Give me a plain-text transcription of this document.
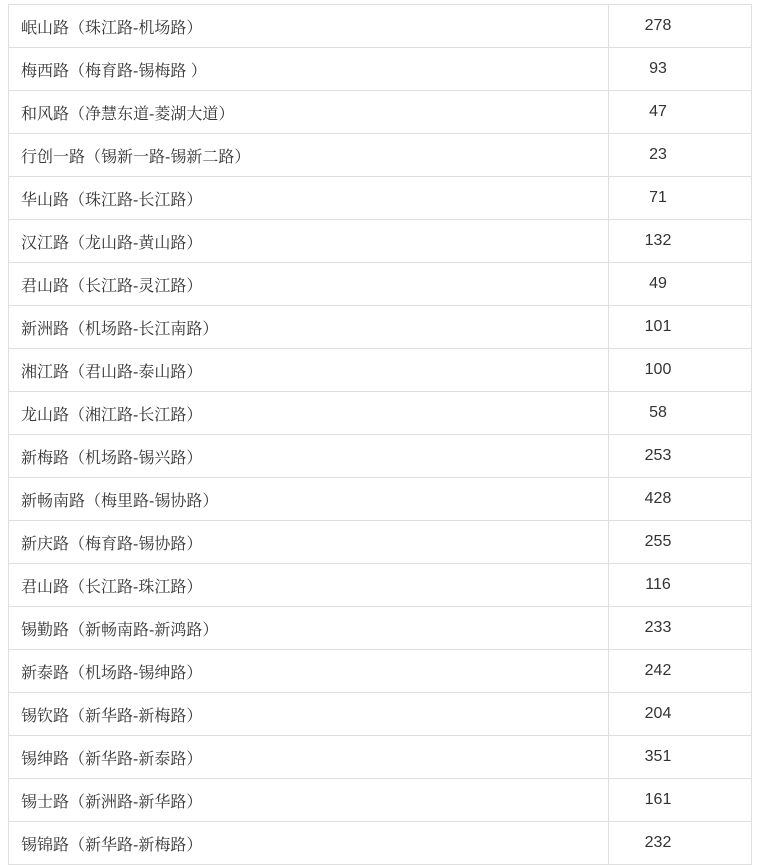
岷山路（珠江路-机场路）	278
梅西路（梅育路-锡梅路 ）	93
和风路（净慧东道-菱湖大道）	47
行创一路（锡新一路-锡新二路）	23
华山路（珠江路-长江路）	71
汉江路（龙山路-黄山路）	132
君山路（长江路-灵江路）	49
新洲路（机场路-长江南路）	101
湘江路（君山路-泰山路）	100
龙山路（湘江路-长江路）	58
新梅路（机场路-锡兴路）	253
新畅南路（梅里路-锡协路）	428
新庆路（梅育路-锡协路）	255
君山路（长江路-珠江路）	116
锡勤路（新畅南路-新鸿路）	233
新泰路（机场路-锡绅路）	242
锡钦路（新华路-新梅路）	204
锡绅路（新华路-新泰路）	351
锡士路（新洲路-新华路）	161
锡锦路（新华路-新梅路）	232
